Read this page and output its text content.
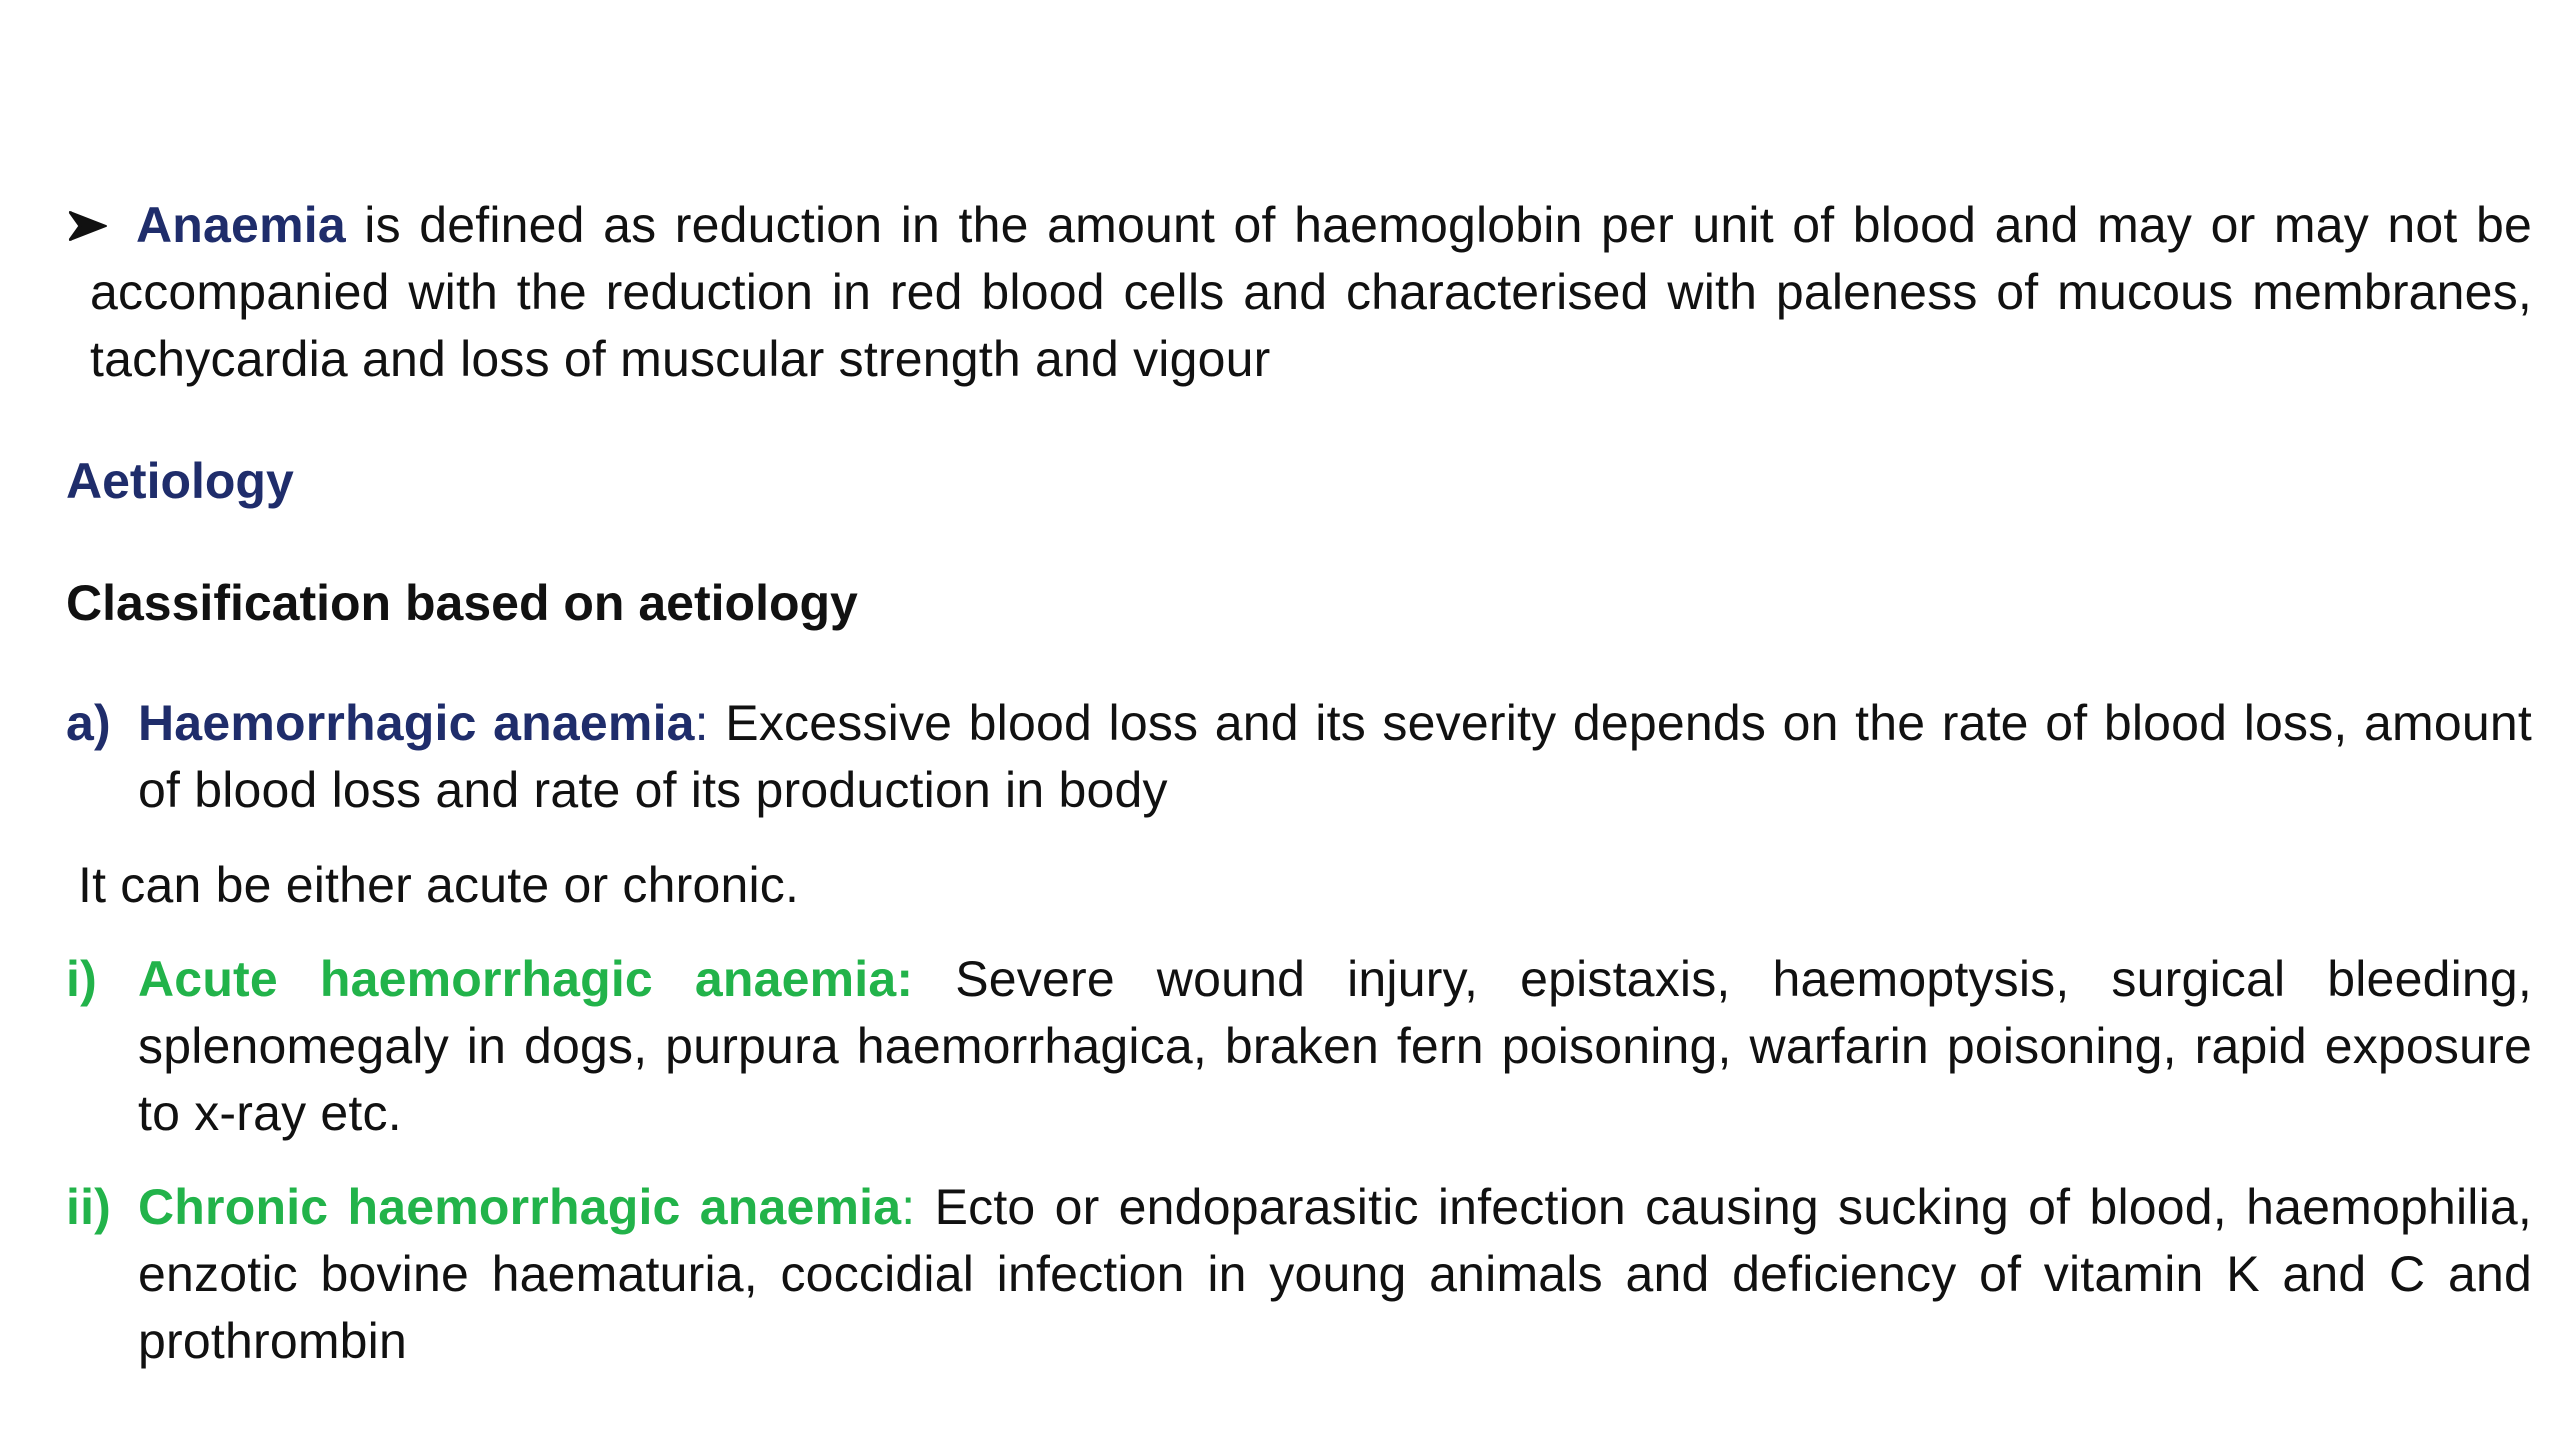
Anaemia is defined as reduction in the amount of haemoglobin per unit of blood and may or may not be accompanied with the reduction in red blood cells and characterised with paleness of mucous membranes, tachycardia and loss of muscular strength and vigour
Aetiology
Classification based on aetiology
a) Haemorrhagic anaemia: Excessive blood loss and its severity depends on the rate of blood loss, amount of blood loss and rate of its production in body
It can be either acute or chronic.
i) Acute haemorrhagic anaemia: Severe wound injury, epistaxis, haemoptysis, surgical bleeding, splenomegaly in dogs, purpura haemorrhagica, braken fern poisoning, warfarin poisoning, rapid exposure to x-ray etc.
ii) Chronic haemorrhagic anaemia: Ecto or endoparasitic infection causing sucking of blood, haemophilia, enzotic bovine haematuria, coccidial infection in young animals and deficiency of vitamin K and C and prothrombin
